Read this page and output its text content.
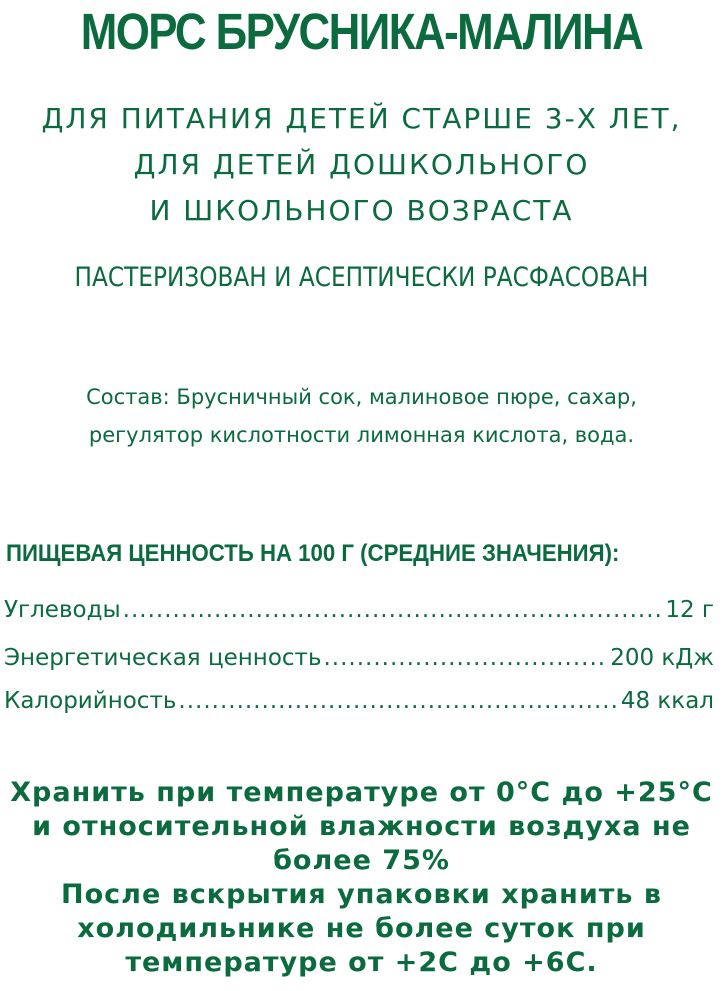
МОРС БРУСНИКА-МАЛИНА
ДЛЯ ПИТАНИЯ ДЕТЕЙ СТАРШЕ 3-Х ЛЕТ,
ДЛЯ ДЕТЕЙ ДОШКОЛЬНОГО
И ШКОЛЬНОГО ВОЗРАСТА
ПАСТЕРИЗОВАН И АСЕПТИЧЕСКИ РАСФАСОВАН
Состав: Брусничный сок, малиновое пюре, сахар,
регулятор кислотности лимонная кислота, вода.
ПИЩЕВАЯ ЦЕННОСТЬ НА 100 Г (СРЕДНИЕ ЗНАЧЕНИЯ):
Углеводы .....	12 г
Энергетическая ценность .....	200 кДж
Калорийность .....	48 ккал
Хранить при температуре от 0°С до +25°С
и относительной влажности воздуха не
более 75%
После вскрытия упаковки хранить в
холодильнике не более суток при
температуре от +2С до +6С.
